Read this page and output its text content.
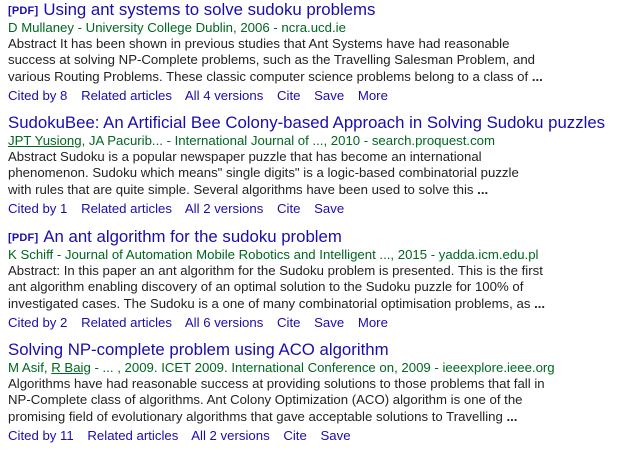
[PDF] Using ant systems to solve sudoku problems
D Mullaney - University College Dublin, 2006 - ncra.ucd.ie
Abstract It has been shown in previous studies that Ant Systems have had reasonable
success at solving NP-Complete problems, such as the Travelling Salesman Problem, and
various Routing Problems. These classic computer science problems belong to a class of ...
Cited by 8 Related articles All 4 versions Cite Save More
SudokuBee: An Artificial Bee Colony-based Approach in Solving Sudoku puzzles
JPT Yusiong, JA Pacurib... - International Journal of ..., 2010 - search.proquest.com
Abstract Sudoku is a popular newspaper puzzle that has become an international
phenomenon. Sudoku which means" single digits" is a logic-based combinatorial puzzle
with rules that are quite simple. Several algorithms have been used to solve this ...
Cited by 1 Related articles All 2 versions Cite Save
[PDF] An ant algorithm for the sudoku problem
K Schiff - Journal of Automation Mobile Robotics and Intelligent ..., 2015 - yadda.icm.edu.pl
Abstract: In this paper an ant algorithm for the Sudoku problem is presented. This is the first
ant algorithm enabling discovery of an optimal solution to the Sudoku puzzle for 100% of
investigated cases. The Sudoku is a one of many combinatorial optimisation problems, as ...
Cited by 2 Related articles All 6 versions Cite Save More
Solving NP-complete problem using ACO algorithm
M Asif, R Baig - ... , 2009. ICET 2009. International Conference on, 2009 - ieeexplore.ieee.org
Algorithms have had reasonable success at providing solutions to those problems that fall in
NP-Complete class of algorithms. Ant Colony Optimization (ACO) algorithm is one of the
promising field of evolutionary algorithms that gave acceptable solutions to Travelling ...
Cited by 11 Related articles All 2 versions Cite Save
